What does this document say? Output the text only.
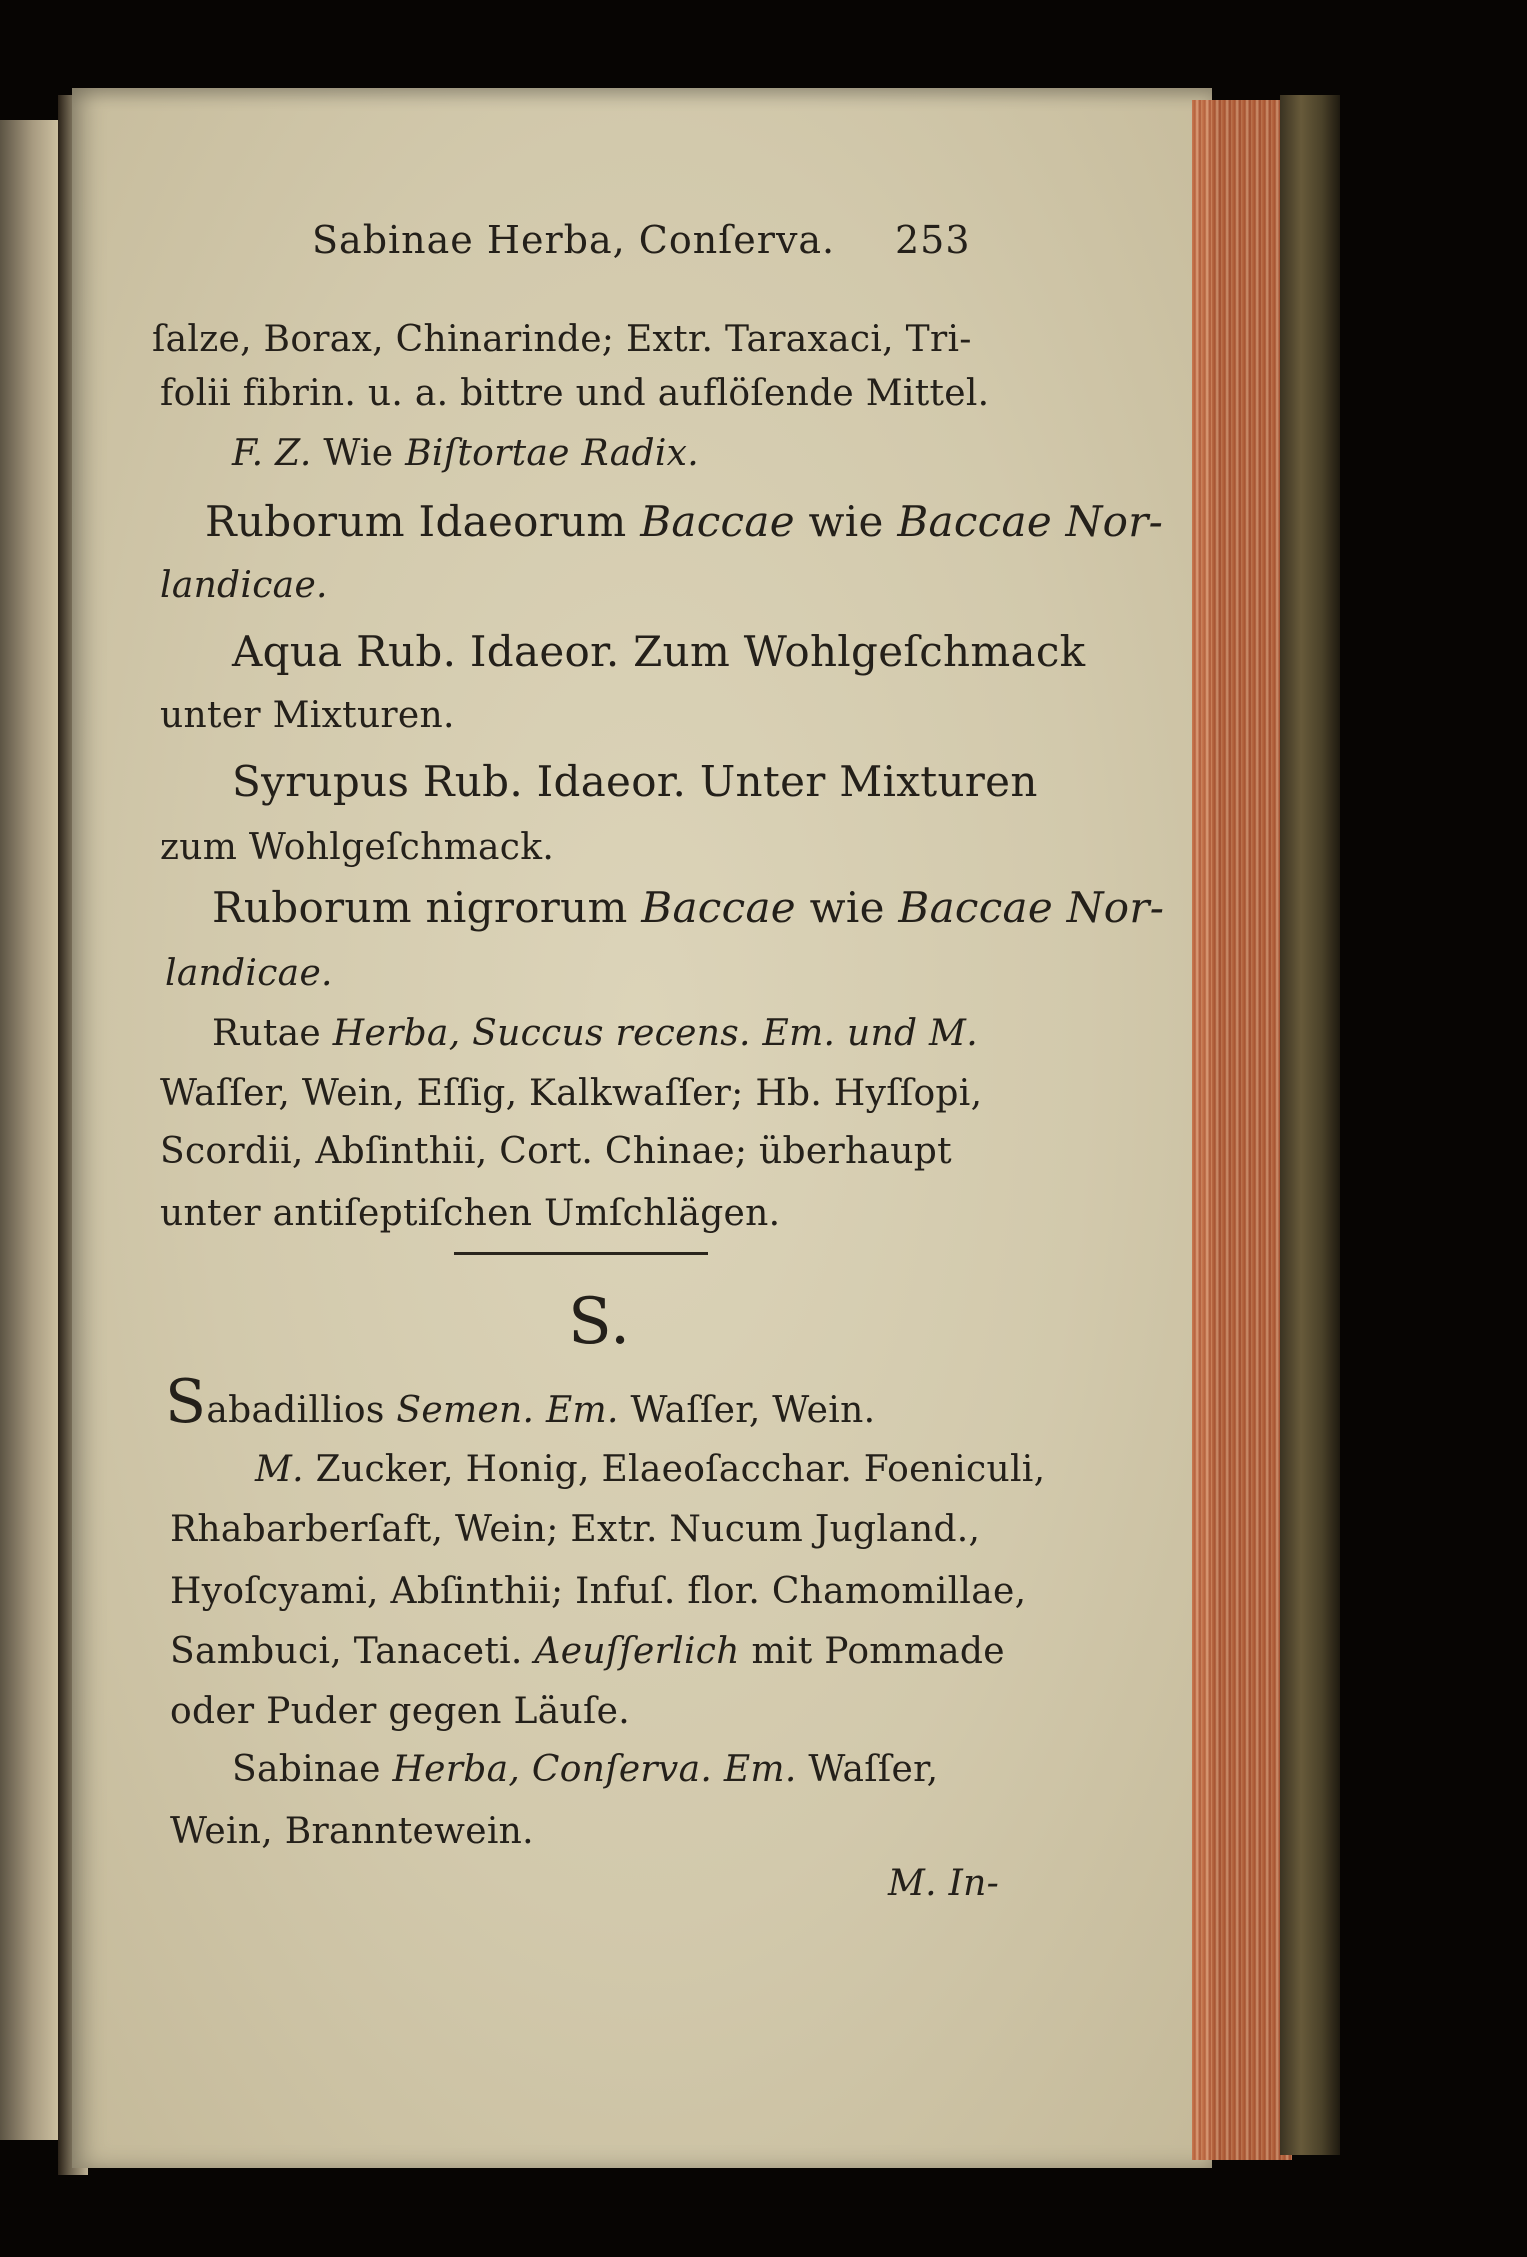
Sabinae Herba, Conſerva. 253
ſalze, Borax, Chinarinde; Extr. Taraxaci, Tri-
folii fibrin. u. a. bittre und auflöſende Mittel.
F. Z. Wie Biſtortae Radix.
Ruborum Idaeorum Baccae wie Baccae Nor-
landicae.
Aqua Rub. Idaeor. Zum Wohlgeſchmack
unter Mixturen.
Syrupus Rub. Idaeor. Unter Mixturen
zum Wohlgeſchmack.
Ruborum nigrorum Baccae wie Baccae Nor-
landicae.
Rutae Herba, Succus recens. Em. und M.
Waſſer, Wein, Eſſig, Kalkwaſſer; Hb. Hyſſopi,
Scordii, Abſinthii, Cort. Chinae; überhaupt
unter antiſeptiſchen Umſchlägen.
S.
Sabadillios Semen. Em. Waſſer, Wein.
M. Zucker, Honig, Elaeoſacchar. Foeniculi,
Rhabarberſaft, Wein; Extr. Nucum Jugland.,
Hyoſcyami, Abſinthii; Infuſ. flor. Chamomillae,
Sambuci, Tanaceti. Aeuſſerlich mit Pommade
oder Puder gegen Läuſe.
Sabinae Herba, Conſerva. Em. Waſſer,
Wein, Branntewein.
M. In-
